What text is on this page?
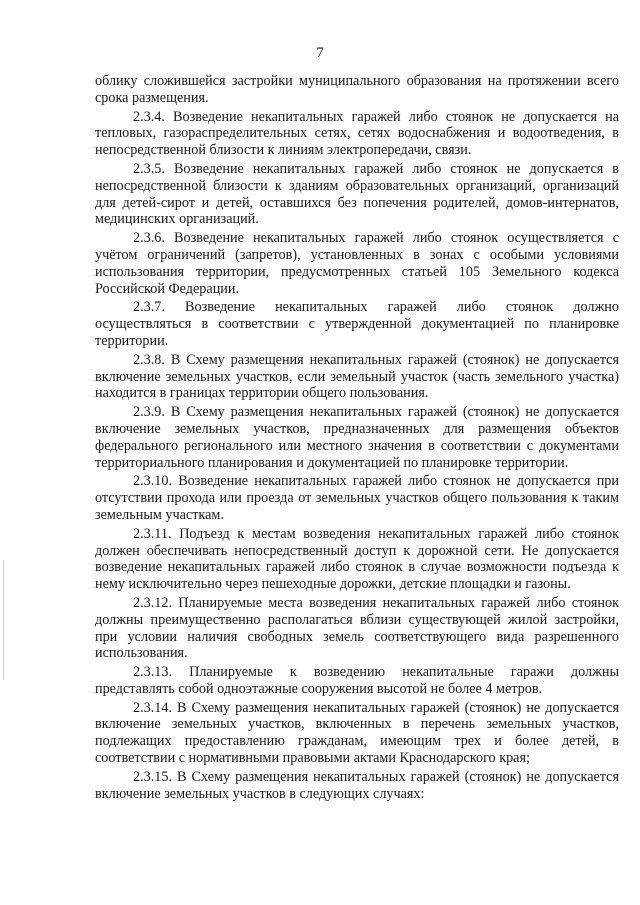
7

облику сложившейся застройки муниципального образования на протяжении всего срока размещения.

2.3.4. Возведение некапитальных гаражей либо стоянок не допускается на тепловых, газораспределительных сетях, сетях водоснабжения и водоотведения, в непосредственной близости к линиям электропередачи, связи.

2.3.5. Возведение некапитальных гаражей либо стоянок не допускается в непосредственной близости к зданиям образовательных организаций, организаций для детей-сирот и детей, оставшихся без попечения родителей, домов-интернатов, медицинских организаций.

2.3.6. Возведение некапитальных гаражей либо стоянок осуществляется с учётом ограничений (запретов), установленных в зонах с особыми условиями использования территории, предусмотренных статьей 105 Земельного кодекса Российской Федерации.

2.3.7. Возведение некапитальных гаражей либо стоянок должно осуществляться в соответствии с утвержденной документацией по планировке территории.

2.3.8. В Схему размещения некапитальных гаражей (стоянок) не допускается включение земельных участков, если земельный участок (часть земельного участка) находится в границах территории общего пользования.

2.3.9. В Схему размещения некапитальных гаражей (стоянок) не допускается включение земельных участков, предназначенных для размещения объектов федерального регионального или местного значения в соответствии с документами территориального планирования и документацией по планировке территории.

2.3.10. Возведение некапитальных гаражей либо стоянок не допускается при отсутствии прохода или проезда от земельных участков общего пользования к таким земельным участкам.

2.3.11. Подъезд к местам возведения некапитальных гаражей либо стоянок должен обеспечивать непосредственный доступ к дорожной сети. Не допускается возведение некапитальных гаражей либо стоянок в случае возможности подъезда к нему исключительно через пешеходные дорожки, детские площадки и газоны.

2.3.12. Планируемые места возведения некапитальных гаражей либо стоянок должны преимущественно располагаться вблизи существующей жилой застройки, при условии наличия свободных земель соответствующего вида разрешенного использования.

2.3.13. Планируемые к возведению некапитальные гаражи должны представлять собой одноэтажные сооружения высотой не более 4 метров.

2.3.14. В Схему размещения некапитальных гаражей (стоянок) не допускается включение земельных участков, включенных в перечень земельных участков, подлежащих предоставлению гражданам, имеющим трех и более детей, в соответствии с нормативными правовыми актами Краснодарского края;

2.3.15. В Схему размещения некапитальных гаражей (стоянок) не допускается включение земельных участков в следующих случаях:
